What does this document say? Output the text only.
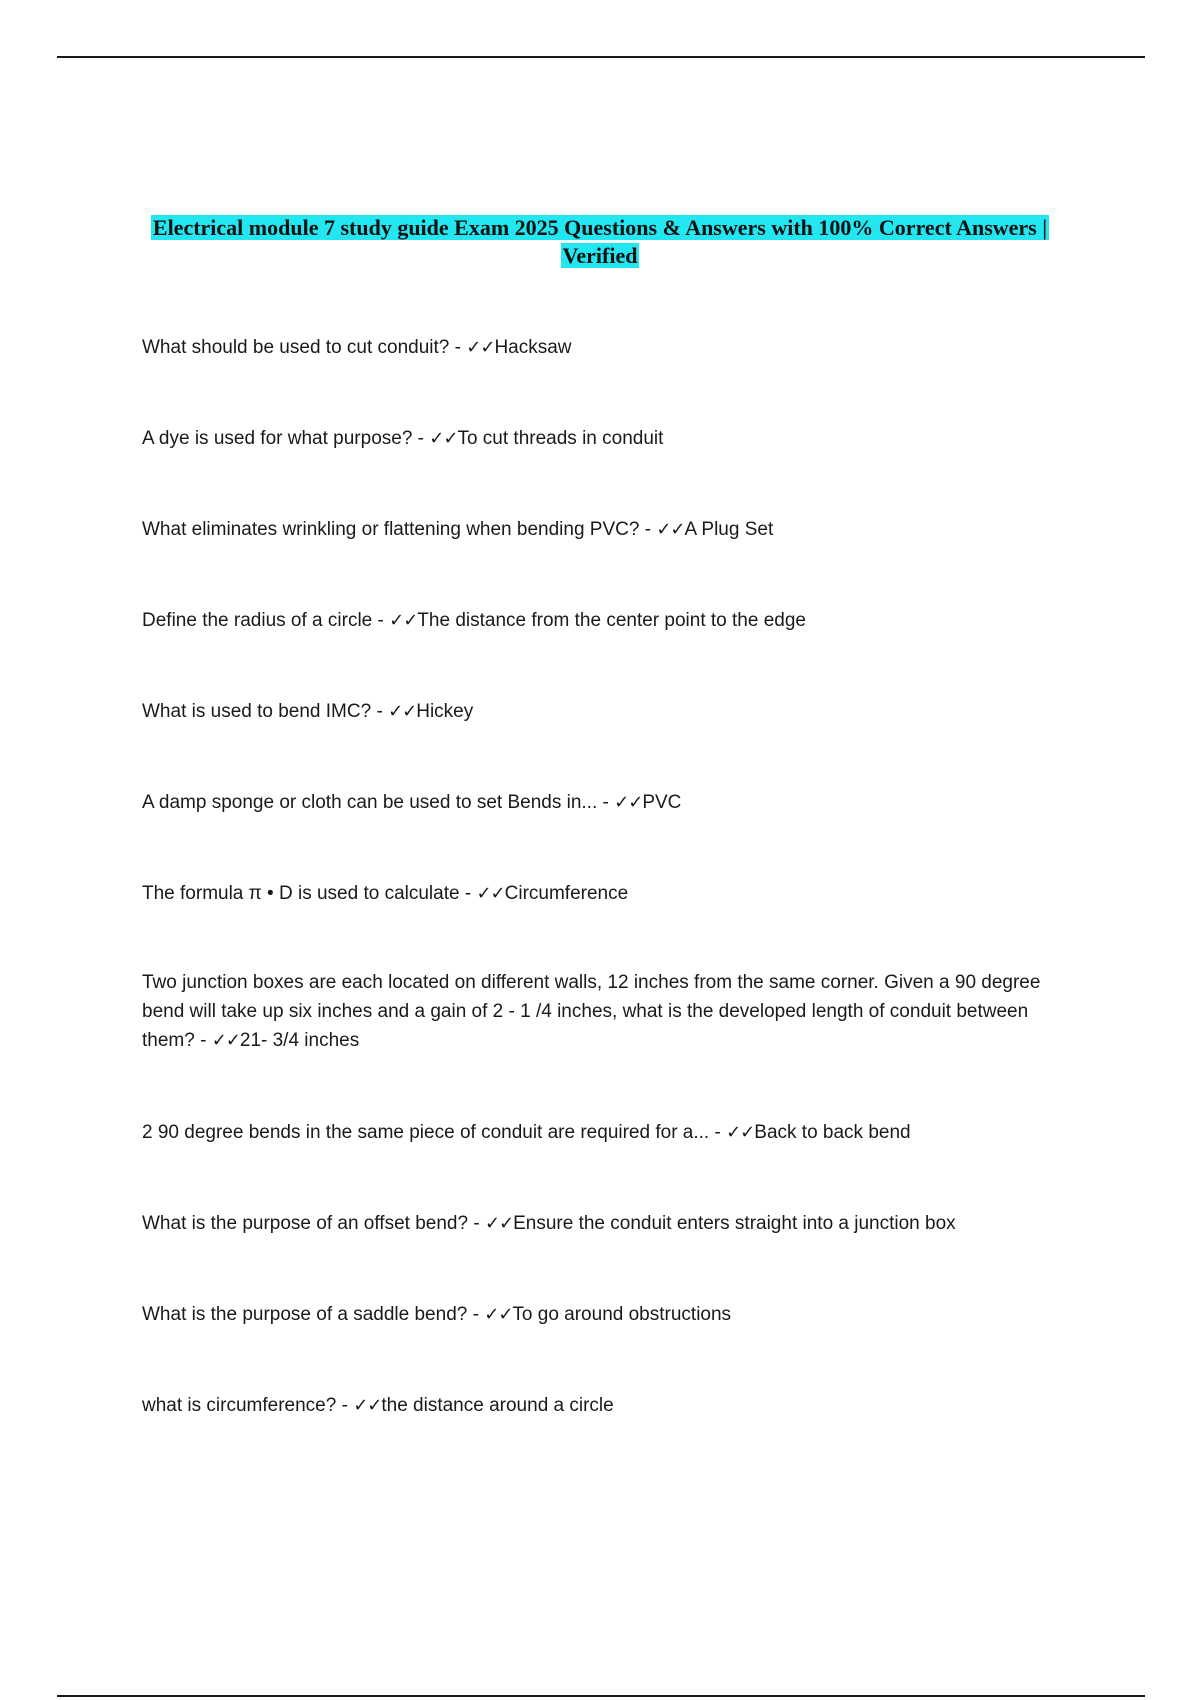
Electrical module 7 study guide Exam 2025 Questions & Answers with 100% Correct Answers | Verified
What should be used to cut conduit? - ✓✓Hacksaw
A dye is used for what purpose? - ✓✓To cut threads in conduit
What eliminates wrinkling or flattening when bending PVC? - ✓✓A Plug Set
Define the radius of a circle - ✓✓The distance from the center point to the edge
What is used to bend IMC? - ✓✓Hickey
A damp sponge or cloth can be used to set Bends in... - ✓✓PVC
The formula π • D is used to calculate - ✓✓Circumference
Two junction boxes are each located on different walls, 12 inches from the same corner. Given a 90 degree bend will take up six inches and a gain of 2 - 1 /4 inches, what is the developed length of conduit between them? - ✓✓21- 3/4 inches
2 90 degree bends in the same piece of conduit are required for a... - ✓✓Back to back bend
What is the purpose of an offset bend? - ✓✓Ensure the conduit enters straight into a junction box
What is the purpose of a saddle bend? - ✓✓To go around obstructions
what is circumference? - ✓✓the distance around a circle
